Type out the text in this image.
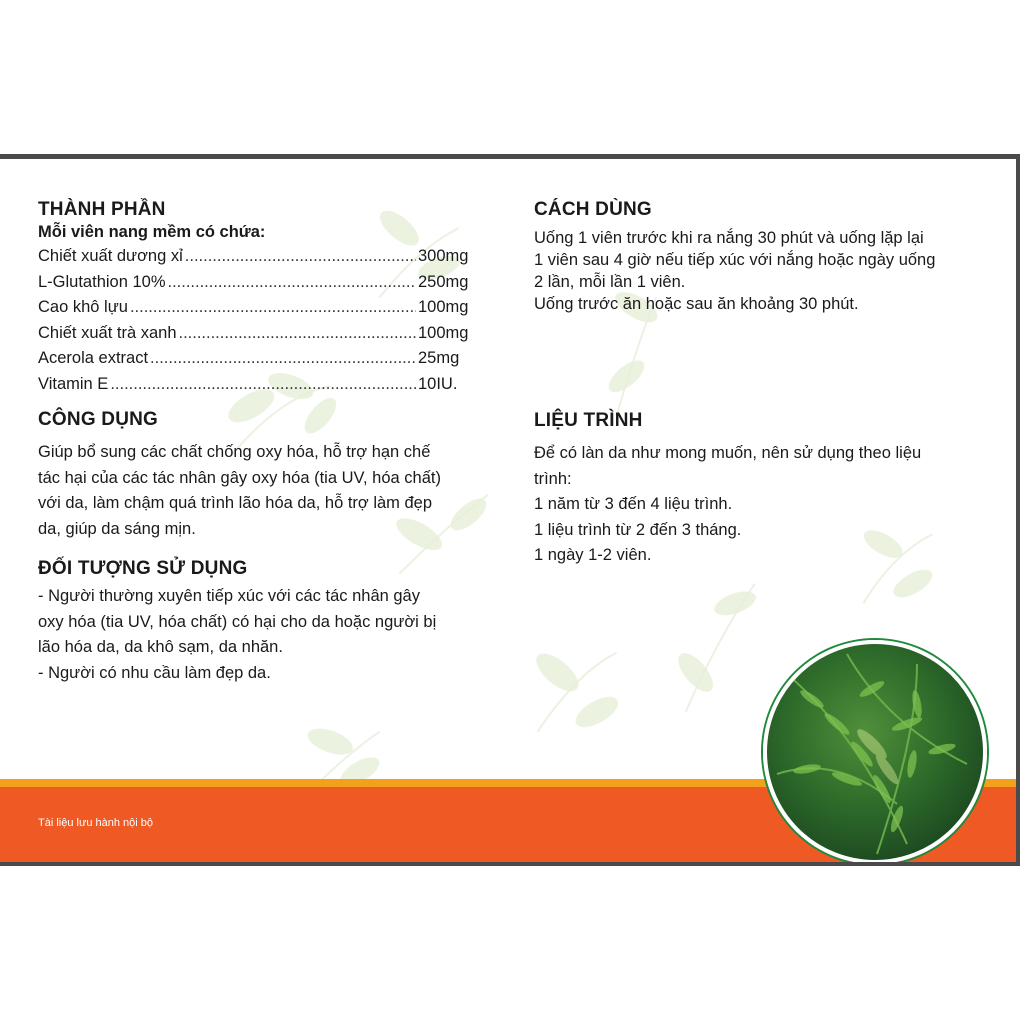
THÀNH PHẦN
Mỗi viên nang mềm có chứa:
Chiết xuất dương xỉ .....	300mg
L-Glutathion 10% .....	250mg
Cao khô lựu .....	100mg
Chiết xuất trà xanh .....	100mg
Acerola extract .....	25mg
Vitamin E .....	10IU.
CÔNG DỤNG

Giúp bổ sung các chất chống oxy hóa, hỗ trợ hạn chế

tác hại của các tác nhân gây oxy hóa (tia UV, hóa chất)

với da, làm chậm quá trình lão hóa da, hỗ trợ làm đẹp

da, giúp da sáng mịn.

ĐỐI TƯỢNG SỬ DỤNG

- Người thường xuyên tiếp xúc với các tác nhân gây

oxy hóa (tia UV, hóa chất) có hại cho da hoặc người bị

lão hóa da, da khô sạm, da nhăn.

- Người có nhu cầu làm đẹp da.

CÁCH DÙNG

Uống 1 viên trước khi ra nắng 30 phút và uống lặp lại

1 viên sau 4 giờ nếu tiếp xúc với nắng hoặc ngày uống

2 lần, mỗi lần 1 viên.

Uống trước ăn hoặc sau ăn khoảng 30 phút.

LIỆU TRÌNH

Để có làn da như mong muốn, nên sử dụng theo liệu

trình:

1 năm từ 3 đến 4 liệu trình.

1 liệu trình từ 2 đến 3 tháng.

1 ngày 1-2 viên.

Tài liệu lưu hành nội bộ
